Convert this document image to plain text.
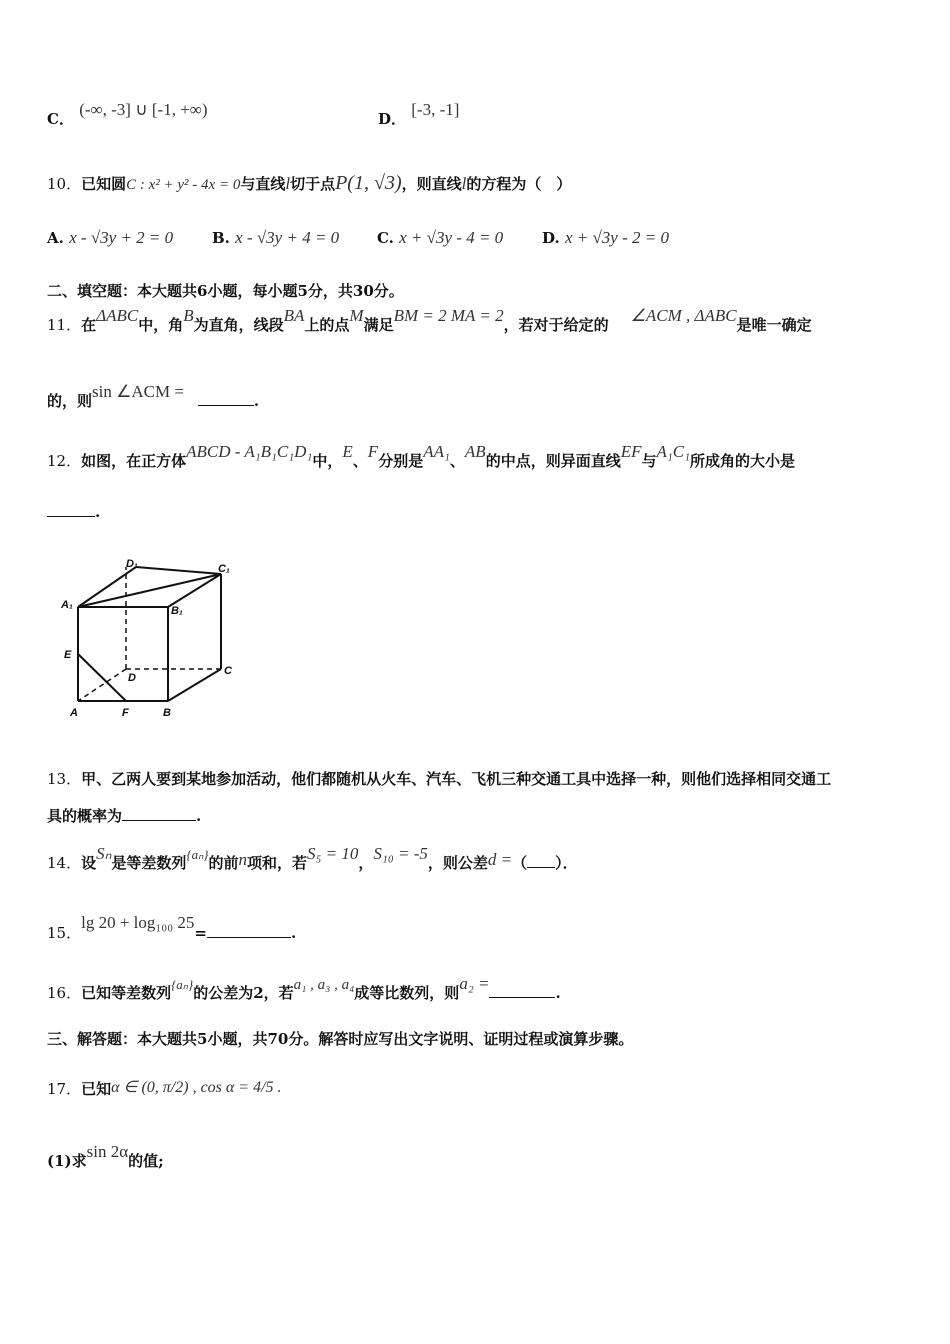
C． (-∞, -3] ∪ [-1, +∞)	D． [-3, -1]
10．已知圆C : x² + y² - 4x = 0与直线l切于点P(1, √3)，则直线l的方程为（　）
A. x - √3y + 2 = 0	B. x - √3y + 4 = 0	C. x + √3y - 4 = 0	D. x + √3y - 2 = 0
二、填空题：本大题共6小题，每小题5分，共30分。
11．在ΔABC中，角B为直角，线段BA上的点M满足BM = 2 MA = 2，若对于给定的 ∠ACM , ΔABC是唯一确定
的，则sin ∠ACM =	.
12．如图，在正方体ABCD - A₁B₁C₁D₁中，E、F分别是AA₁、AB的中点，则异面直线EF与A₁C₁所成角的大小是
.
D₁	C₁
A₁	B₁
E
D
C
A	F	B
13．甲、乙两人要到某地参加活动，他们都随机从火车、汽车、飞机三种交通工具中选择一种，则他们选择相同交通工
具的概率为	.
14．设Sₙ是等差数列{aₙ}的前n项和，若S₅ = 10，S₁₀ = -5，则公差d =（ ）．
15．lg 20 + log₁₀₀ 25=	.
16．已知等差数列{aₙ}的公差为2，若a₁ , a₃ , a₄成等比数列，则a₂ =	.
三、解答题：本大题共5小题，共70分。解答时应写出文字说明、证明过程或演算步骤。
17．已知α ∈ (0, π/2) , cos α = 4/5 .
(1)求sin 2α的值;
